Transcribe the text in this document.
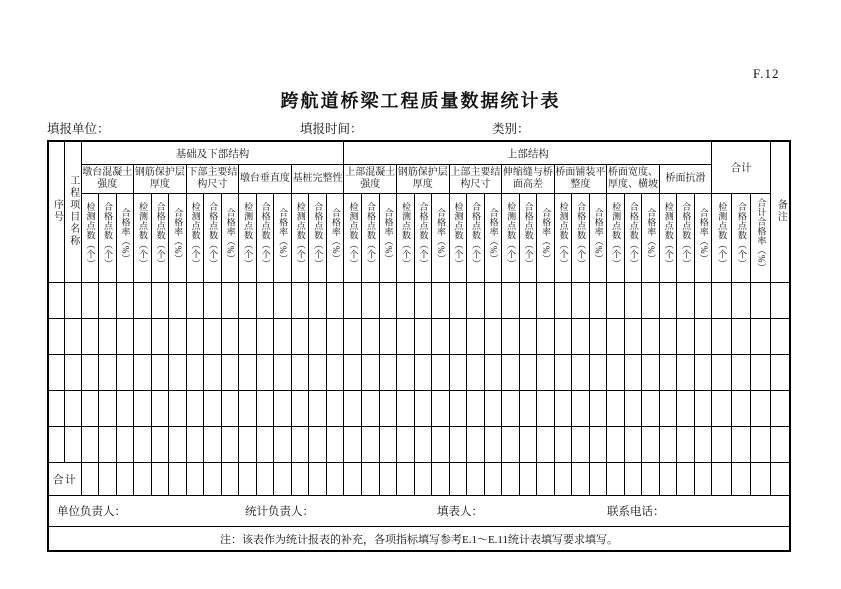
F.12
跨航道桥梁工程质量数据统计表
填报单位：	填报时间：	类别：
序号	工程项目名称	基础及下部结构															上部结构																					合计			备注
		墩台混凝土强度			钢筋保护层厚度			下部主要结构尺寸			墩台垂直度			基桩完整性			上部混凝土强度			钢筋保护层厚度			上部主要结构尺寸			伸缩缝与桥面高差			桥面铺装平整度			桥面宽度、厚度、横坡			桥面抗滑						
		检测点数（个）	合格点数（个）	合格率（%）	检测点数（个）	合格点数（个）	合格率（%）	检测点数（个）	合格点数（个）	合格率（%）	检测点数（个）	合格点数（个）	合格率（%）	检测点数（个）	合格点数（个）	合格率（%）	检测点数（个）	合格点数（个）	合格率（%）	检测点数（个）	合格点数（个）	合格率（%）	检测点数（个）	合格点数（个）	合格率（%）	检测点数（个）	合格点数（个）	合格率（%）	检测点数（个）	合格点数（个）	合格率（%）	检测点数（个）	合格点数（个）	合格率（%）	检测点数（个）	合格点数（个）	合格率（%）	检测点数（个）	合格点数（个）	合计合格率（%）	

合计																																									

单位负责人： 统计负责人： 填表人： 联系电话：																																									

注：该表作为统计报表的补充，各项指标填写参考E.1～E.11统计表填写要求填写。																																									
